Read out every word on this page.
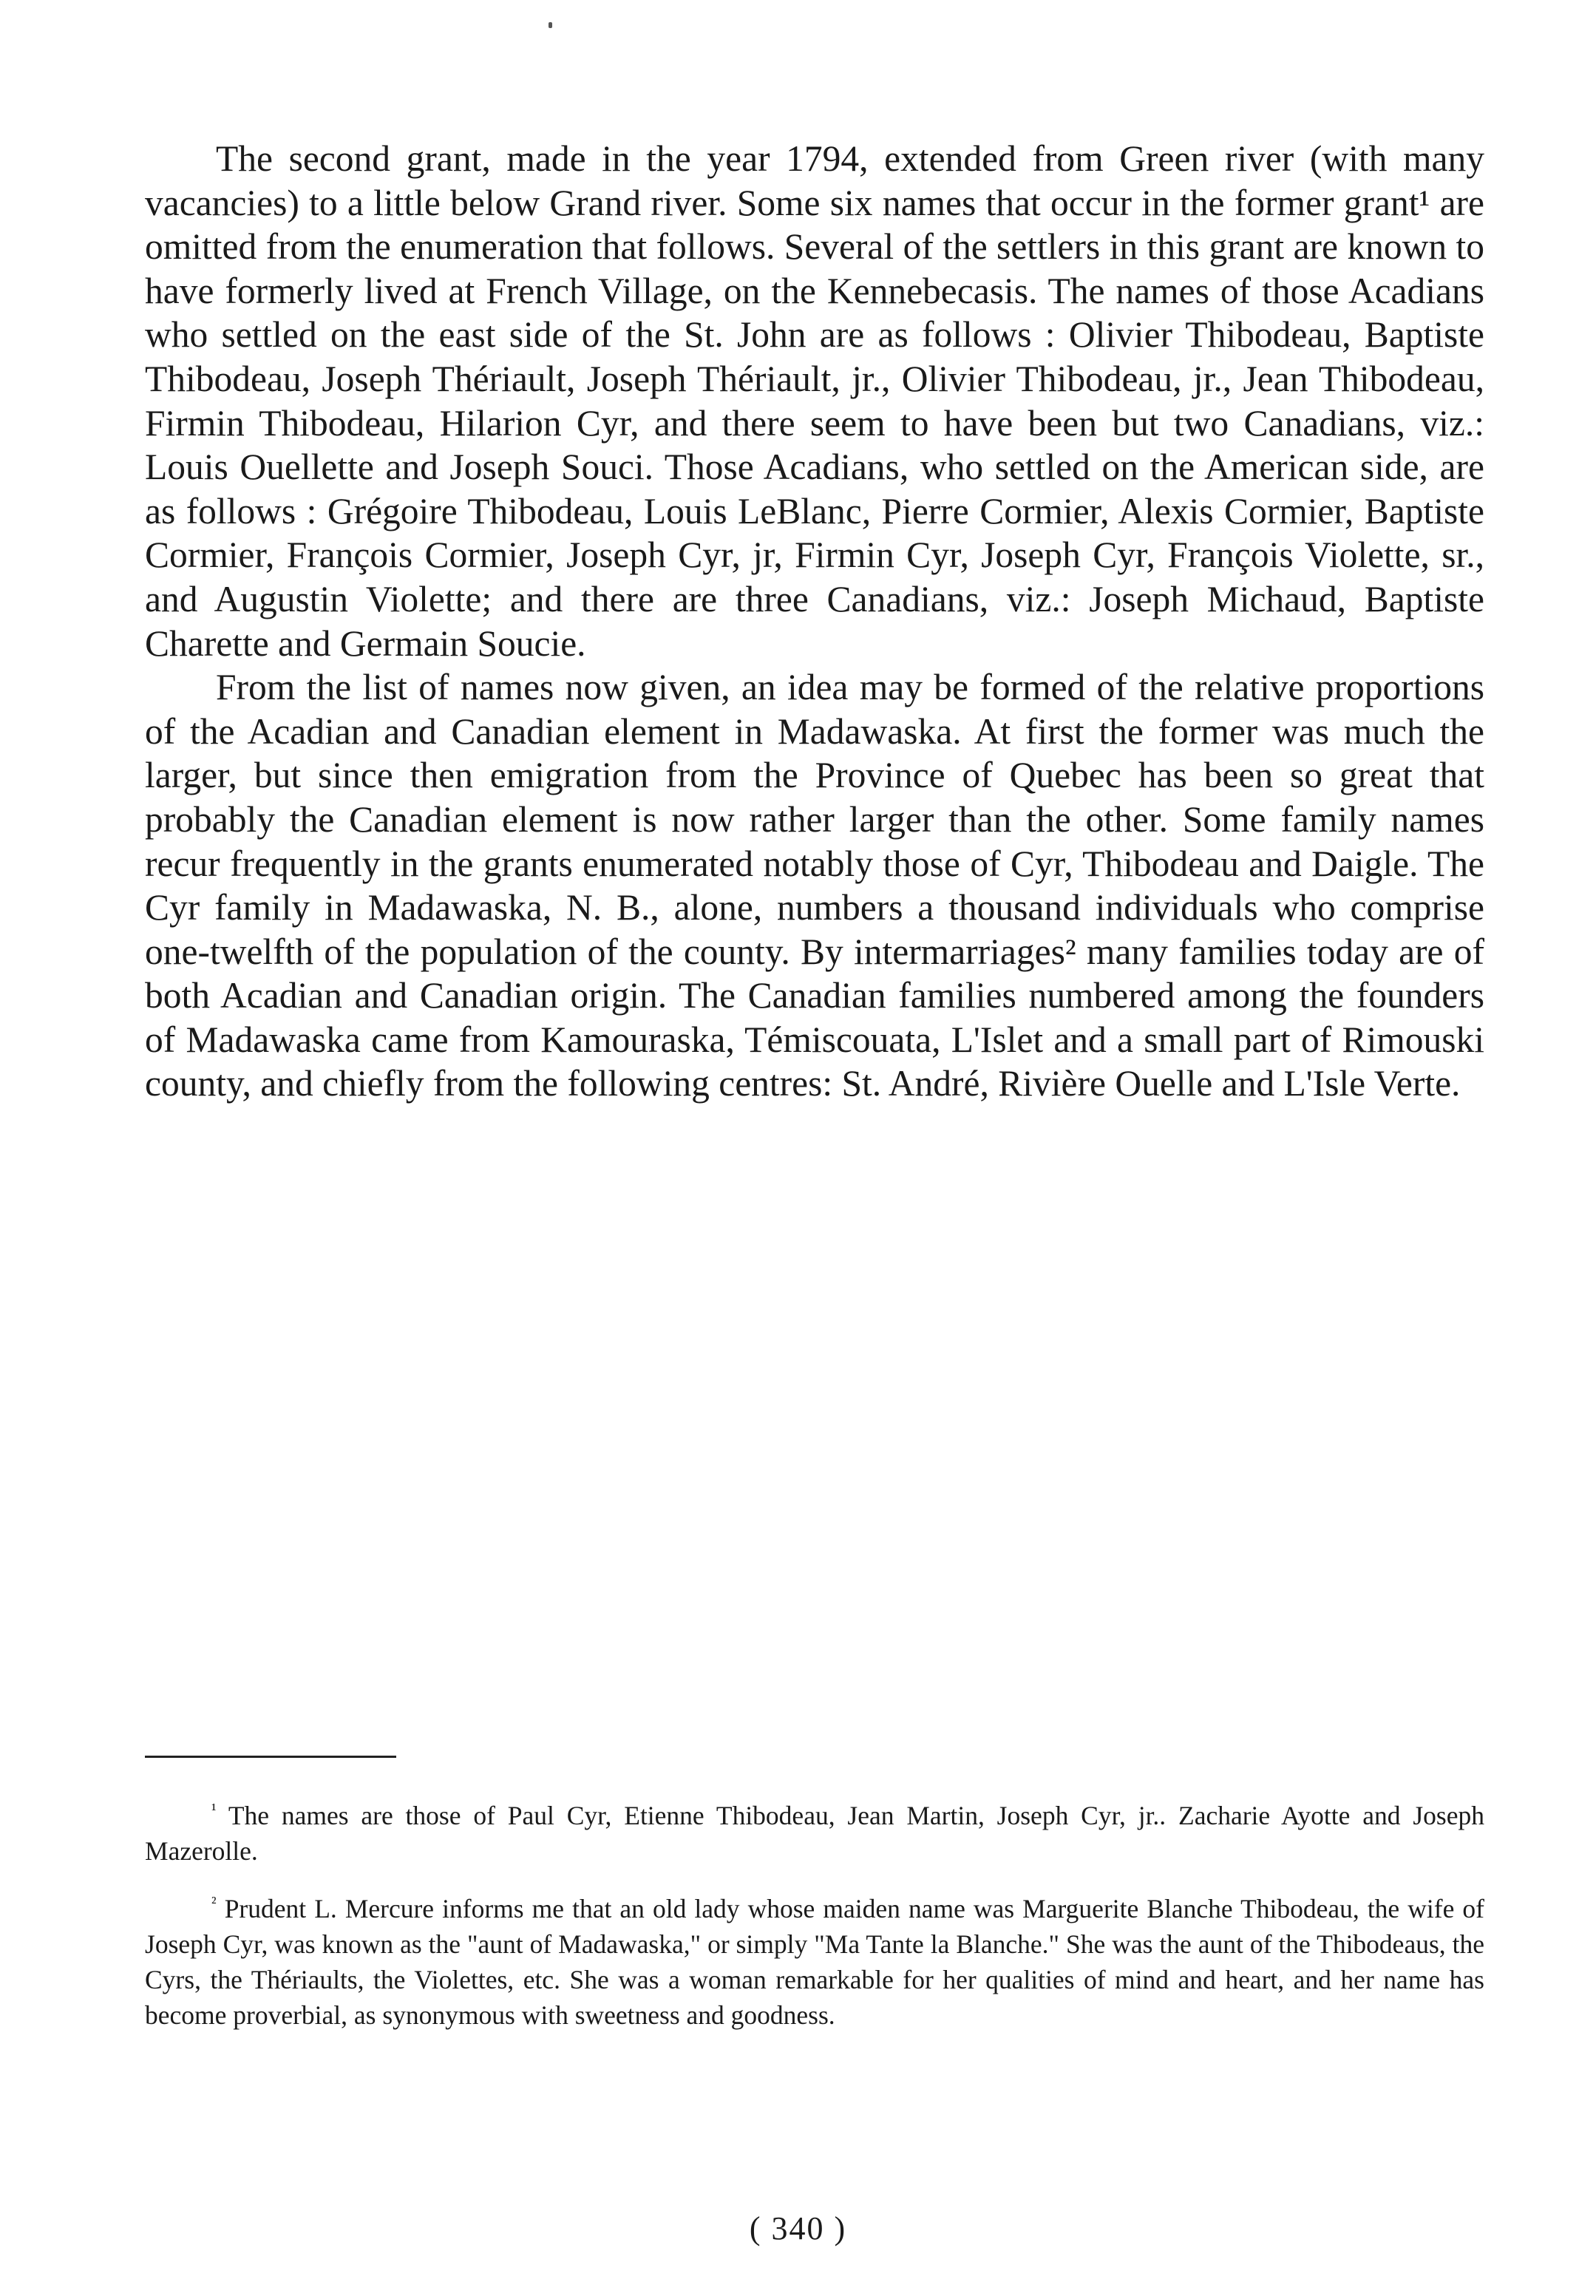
The second grant, made in the year 1794, extended from Green river (with many vacancies) to a little below Grand river. Some six names that occur in the former grant¹ are omitted from the enumeration that follows. Several of the settlers in this grant are known to have formerly lived at French Village, on the Kennebecasis. The names of those Acadians who settled on the east side of the St. John are as follows : Olivier Thibodeau, Baptiste Thibodeau, Joseph Thériault, Joseph Thériault, jr., Olivier Thibodeau, jr., Jean Thibodeau, Firmin Thibodeau, Hilarion Cyr, and there seem to have been but two Canadians, viz.: Louis Ouellette and Joseph Souci. Those Acadians, who settled on the American side, are as follows : Grégoire Thibodeau, Louis LeBlanc, Pierre Cormier, Alexis Cormier, Baptiste Cormier, François Cormier, Joseph Cyr, jr, Firmin Cyr, Joseph Cyr, François Violette, sr., and Augustin Violette; and there are three Canadians, viz.: Joseph Michaud, Baptiste Charette and Germain Soucie.

From the list of names now given, an idea may be formed of the relative proportions of the Acadian and Canadian element in Madawaska. At first the former was much the larger, but since then emigration from the Province of Quebec has been so great that probably the Canadian element is now rather larger than the other. Some family names recur frequently in the grants enumerated notably those of Cyr, Thibodeau and Daigle. The Cyr family in Madawaska, N. B., alone, numbers a thousand individuals who comprise one-twelfth of the population of the county. By intermarriages² many families today are of both Acadian and Canadian origin. The Canadian families numbered among the founders of Madawaska came from Kamouraska, Témiscouata, L'Islet and a small part of Rimouski county, and chiefly from the following centres: St. André, Rivière Ouelle and L'Isle Verte.

$^{^1}$ The names are those of Paul Cyr, Etienne Thibodeau, Jean Martin, Joseph Cyr, jr.. Zacharie Ayotte and Joseph Mazerolle.

$^{^2}$ Prudent L. Mercure informs me that an old lady whose maiden name was Marguerite Blanche Thibodeau, the wife of Joseph Cyr, was known as the "aunt of Madawaska," or simply "Ma Tante la Blanche." She was the aunt of the Thibodeaus, the Cyrs, the Thériaults, the Violettes, etc. She was a woman remarkable for her qualities of mind and heart, and her name has become proverbial, as synonymous with sweetness and goodness.

( 340 )
